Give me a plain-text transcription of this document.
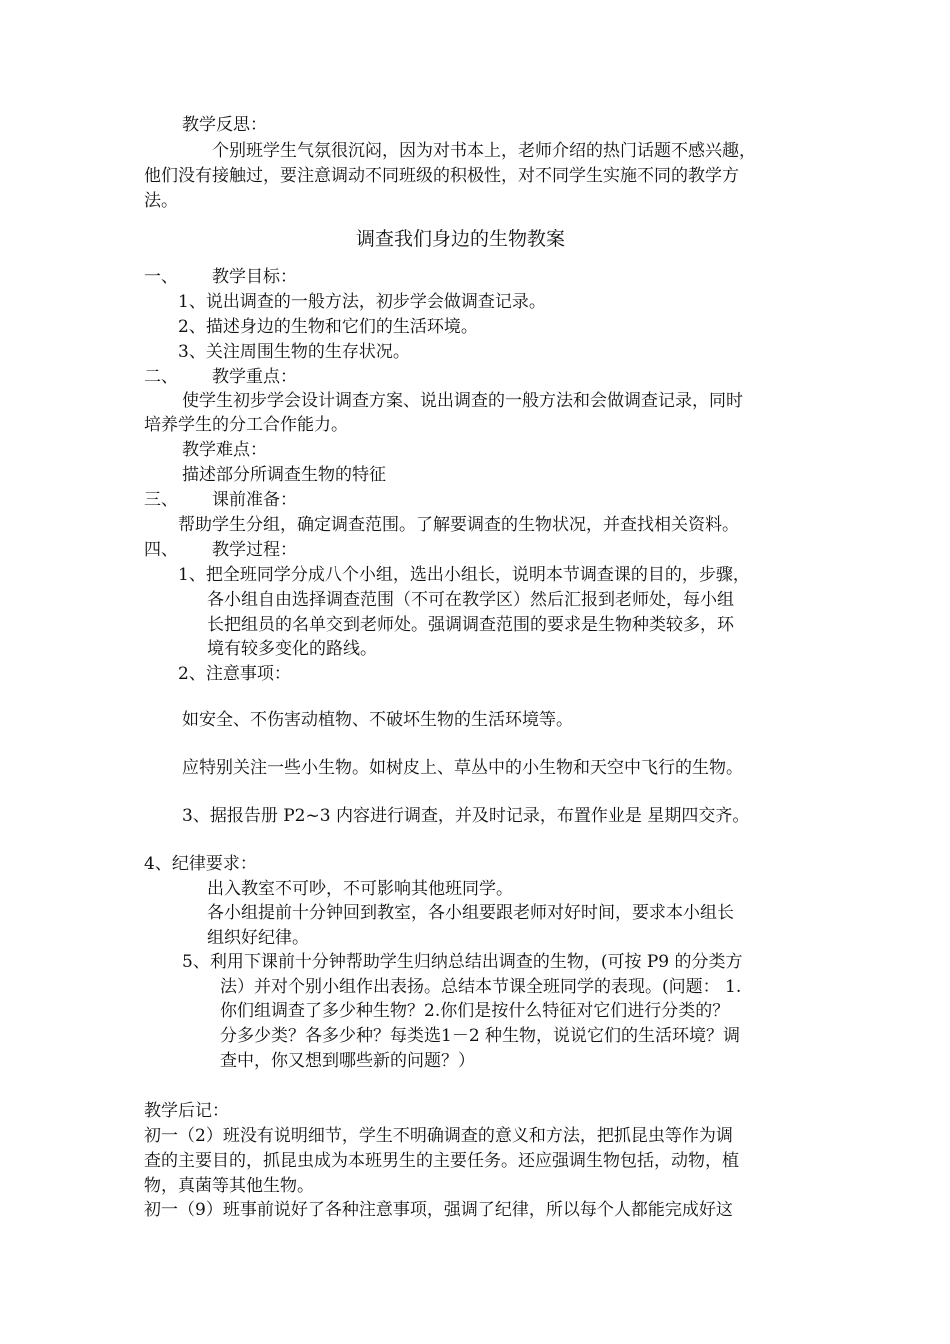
教学反思：
个别班学生气氛很沉闷，因为对书本上，老师介绍的热门话题不感兴趣，
他们没有接触过，要注意调动不同班级的积极性，对不同学生实施不同的教学方
法。
调查我们身边的生物教案
一、 教学目标：
1、说出调查的一般方法，初步学会做调查记录。
2、描述身边的生物和它们的生活环境。
3、关注周围生物的生存状况。
二、 教学重点：
使学生初步学会设计调查方案、说出调查的一般方法和会做调查记录，同时
培养学生的分工合作能力。
教学难点：
描述部分所调查生物的特征
三、 课前准备：
帮助学生分组，确定调查范围。了解要调查的生物状况，并查找相关资料。
四、 教学过程：
1、把全班同学分成八个小组，选出小组长，说明本节调查课的目的，步骤，
各小组自由选择调查范围（不可在教学区）然后汇报到老师处，每小组
长把组员的名单交到老师处。强调调查范围的要求是生物种类较多，环
境有较多变化的路线。
2、注意事项：
如安全、不伤害动植物、不破坏生物的生活环境等。
应特别关注一些小生物。如树皮上、草丛中的小生物和天空中飞行的生物。
3、据报告册 P2~3 内容进行调查，并及时记录，布置作业是 星期四交齐。
4、纪律要求：
出入教室不可吵，不可影响其他班同学。
各小组提前十分钟回到教室，各小组要跟老师对好时间，要求本小组长
组织好纪律。
5、利用下课前十分钟帮助学生归纳总结出调查的生物，(可按 P9 的分类方
法）并对个别小组作出表扬。总结本节课全班同学的表现。(问题： 1.
你们组调查了多少种生物？2.你们是按什么特征对它们进行分类的？
分多少类？各多少种？每类选1－2 种生物，说说它们的生活环境？调
查中，你又想到哪些新的问题？）
教学后记：
初一（2）班没有说明细节，学生不明确调查的意义和方法，把抓昆虫等作为调
查的主要目的，抓昆虫成为本班男生的主要任务。还应强调生物包括，动物，植
物，真菌等其他生物。
初一（9）班事前说好了各种注意事项，强调了纪律，所以每个人都能完成好这
